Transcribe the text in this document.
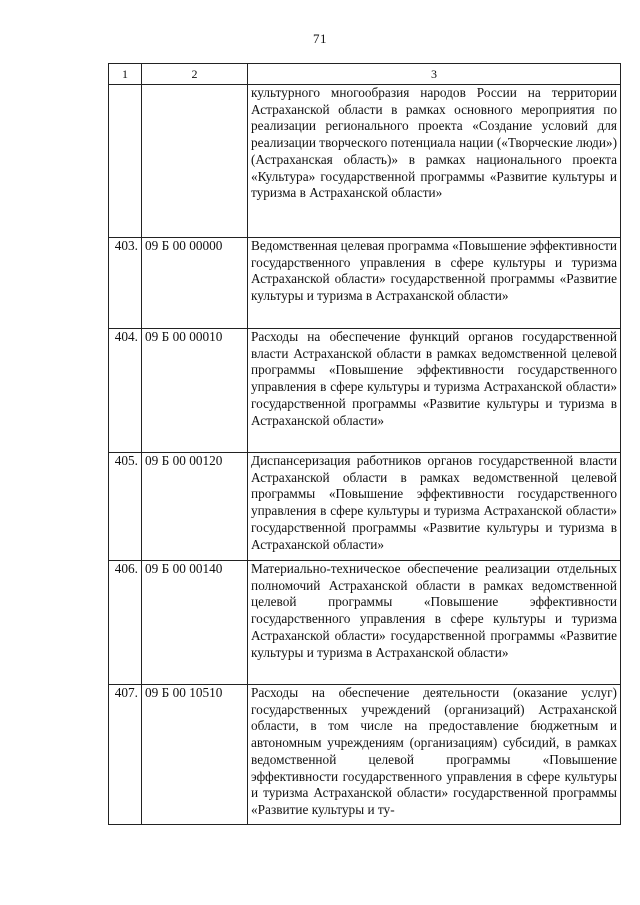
71
1	2	3
		культурного многообразия народов России на территории Астраханской области в рамках основного мероприятия по реализации регионального проекта «Создание условий для реализации творческого потенциала нации («Творческие люди») (Астраханская область)» в рамках национального проекта «Культура» государственной программы «Развитие культуры и туризма в Астраханской области»
403.	09 Б 00 00000	Ведомственная целевая программа «Повышение эффективности государственного управления в сфере культуры и туризма Астраханской области» государственной программы «Развитие культуры и туризма в Астраханской области»
404.	09 Б 00 00010	Расходы на обеспечение функций органов государственной власти Астраханской области в рамках ведомственной целевой программы «Повышение эффективности государственного управления в сфере культуры и туризма Астраханской области» государственной программы «Развитие культуры и туризма в Астраханской области»
405.	09 Б 00 00120	Диспансеризация работников органов государственной власти Астраханской области в рамках ведомственной целевой программы «Повышение эффективности государственного управления в сфере культуры и туризма Астраханской области» государственной программы «Развитие культуры и туризма в Астраханской области»
406.	09 Б 00 00140	Материально-техническое обеспечение реализации отдельных полномочий Астраханской области в рамках ведомственной целевой программы «Повышение эффективности государственного управления в сфере культуры и туризма Астраханской области» государственной программы «Развитие культуры и туризма в Астраханской области»
407.	09 Б 00 10510	Расходы на обеспечение деятельности (оказание услуг) государственных учреждений (организаций) Астраханской области, в том числе на предоставление бюджетным и автономным учреждениям (организациям) субсидий, в рамках ведомственной целевой программы «Повышение эффективности государственного управления в сфере культуры и туризма Астраханской области» государственной программы «Развитие культуры и ту-
